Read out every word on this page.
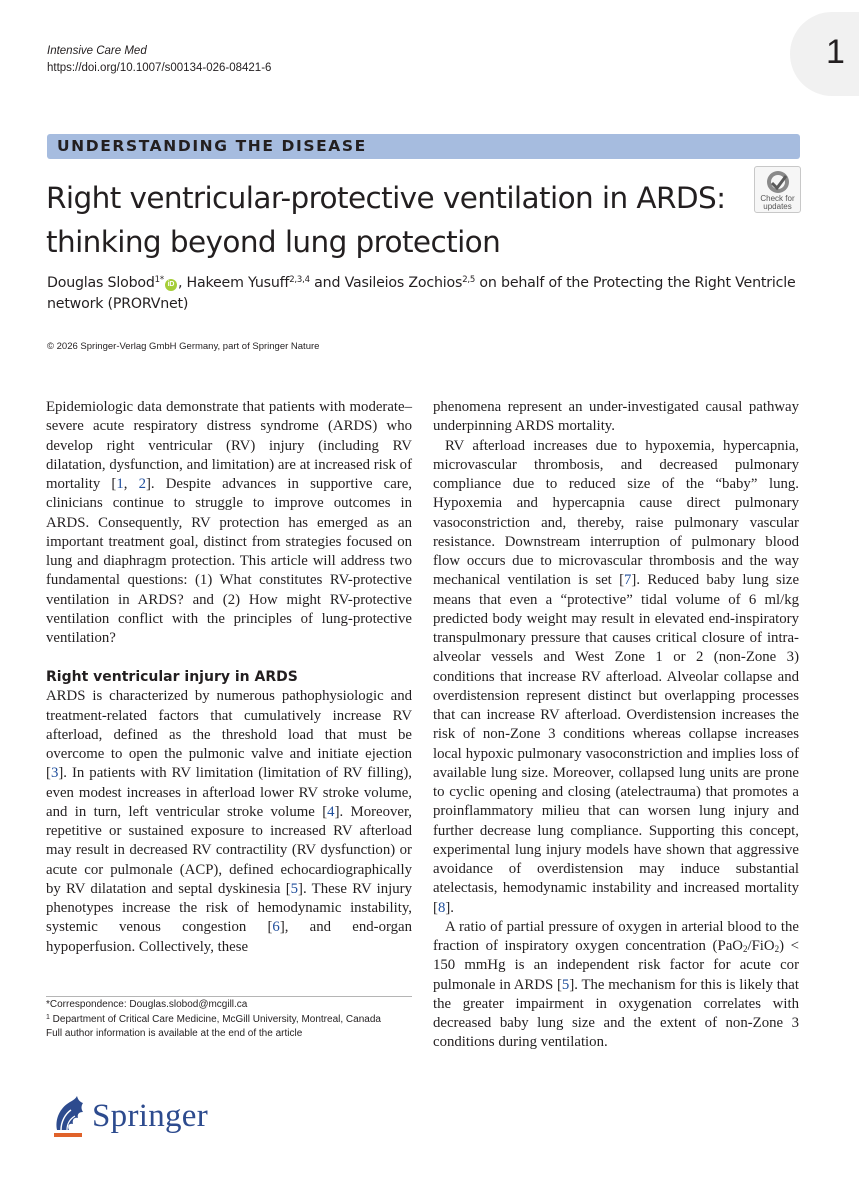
Intensive Care Med
https://doi.org/10.1007/s00134-026-08421-6	1
UNDERSTANDING THE DISEASE
Right ventricular-protective ventilation in ARDS: thinking beyond lung protection
Check for
updates
Douglas Slobod$^{1*}$ iD , Hakeem Yusuff$^{2,3,4}$ and Vasileios Zochios$^{2,5}$ on behalf of the Protecting the Right Ventricle network (PRORVnet)
© 2026 Springer-Verlag GmbH Germany, part of Springer Nature

Epidemiologic data demonstrate that patients with moderate–severe acute respiratory distress syndrome (ARDS) who develop right ventricular (RV) injury (including RV dilatation, dysfunction, and limitation) are at increased risk of mortality [1, 2]. Despite advances in supportive care, clinicians continue to struggle to improve outcomes in ARDS. Consequently, RV protection has emerged as an important treatment goal, distinct from strategies focused on lung and diaphragm protection. This article will address two fundamental questions: (1) What constitutes RV-protective ventilation in ARDS? and (2) How might RV-protective ventilation conflict with the principles of lung-protective ventilation?

Right ventricular injury in ARDS

ARDS is characterized by numerous pathophysiologic and treatment-related factors that cumulatively increase RV afterload, defined as the threshold load that must be overcome to open the pulmonic valve and initiate ejection [3]. In patients with RV limitation (limitation of RV filling), even modest increases in afterload lower RV stroke volume, and in turn, left ventricular stroke volume [4]. Moreover, repetitive or sustained exposure to increased RV afterload may result in decreased RV contractility (RV dysfunction) or acute cor pulmonale (ACP), defined echocardiographically by RV dilatation and septal dyskinesia [5]. These RV injury phenotypes increase the risk of hemodynamic instability, systemic venous congestion [6], and end-organ hypoperfusion. Collectively, these

phenomena represent an under-investigated causal pathway underpinning ARDS mortality.

RV afterload increases due to hypoxemia, hypercapnia, microvascular thrombosis, and decreased pulmonary compliance due to reduced size of the “baby” lung. Hypoxemia and hypercapnia cause direct pulmonary vasoconstriction and, thereby, raise pulmonary vascular resistance. Downstream interruption of pulmonary blood flow occurs due to microvascular thrombosis and the way mechanical ventilation is set [7]. Reduced baby lung size means that even a “protective” tidal volume of 6 ml/kg predicted body weight may result in elevated end-inspiratory transpulmonary pressure that causes critical closure of intra-alveolar vessels and West Zone 1 or 2 (non-Zone 3) conditions that increase RV afterload. Alveolar collapse and overdistension represent distinct but overlapping processes that can increase RV afterload. Overdistension increases the risk of non-Zone 3 conditions whereas collapse increases local hypoxic pulmonary vasoconstriction and implies loss of available lung size. Moreover, collapsed lung units are prone to cyclic opening and closing (atelectrauma) that promotes a proinflammatory milieu that can worsen lung injury and further decrease lung compliance. Supporting this concept, experimental lung injury models have shown that aggressive avoidance of overdistension may induce substantial atelectasis, hemodynamic instability and increased mortality [8].

A ratio of partial pressure of oxygen in arterial blood to the fraction of inspiratory oxygen concentration (PaO$_2$/FiO$_2$) < 150 mmHg is an independent risk factor for acute cor pulmonale in ARDS [5]. The mechanism for this is likely that the greater impairment in oxygenation correlates with decreased baby lung size and the extent of non-Zone 3 conditions during ventilation.

*Correspondence: Douglas.slobod@mcgill.ca
$^1$ Department of Critical Care Medicine, McGill University, Montreal, Canada
Full author information is available at the end of the article
Springer
